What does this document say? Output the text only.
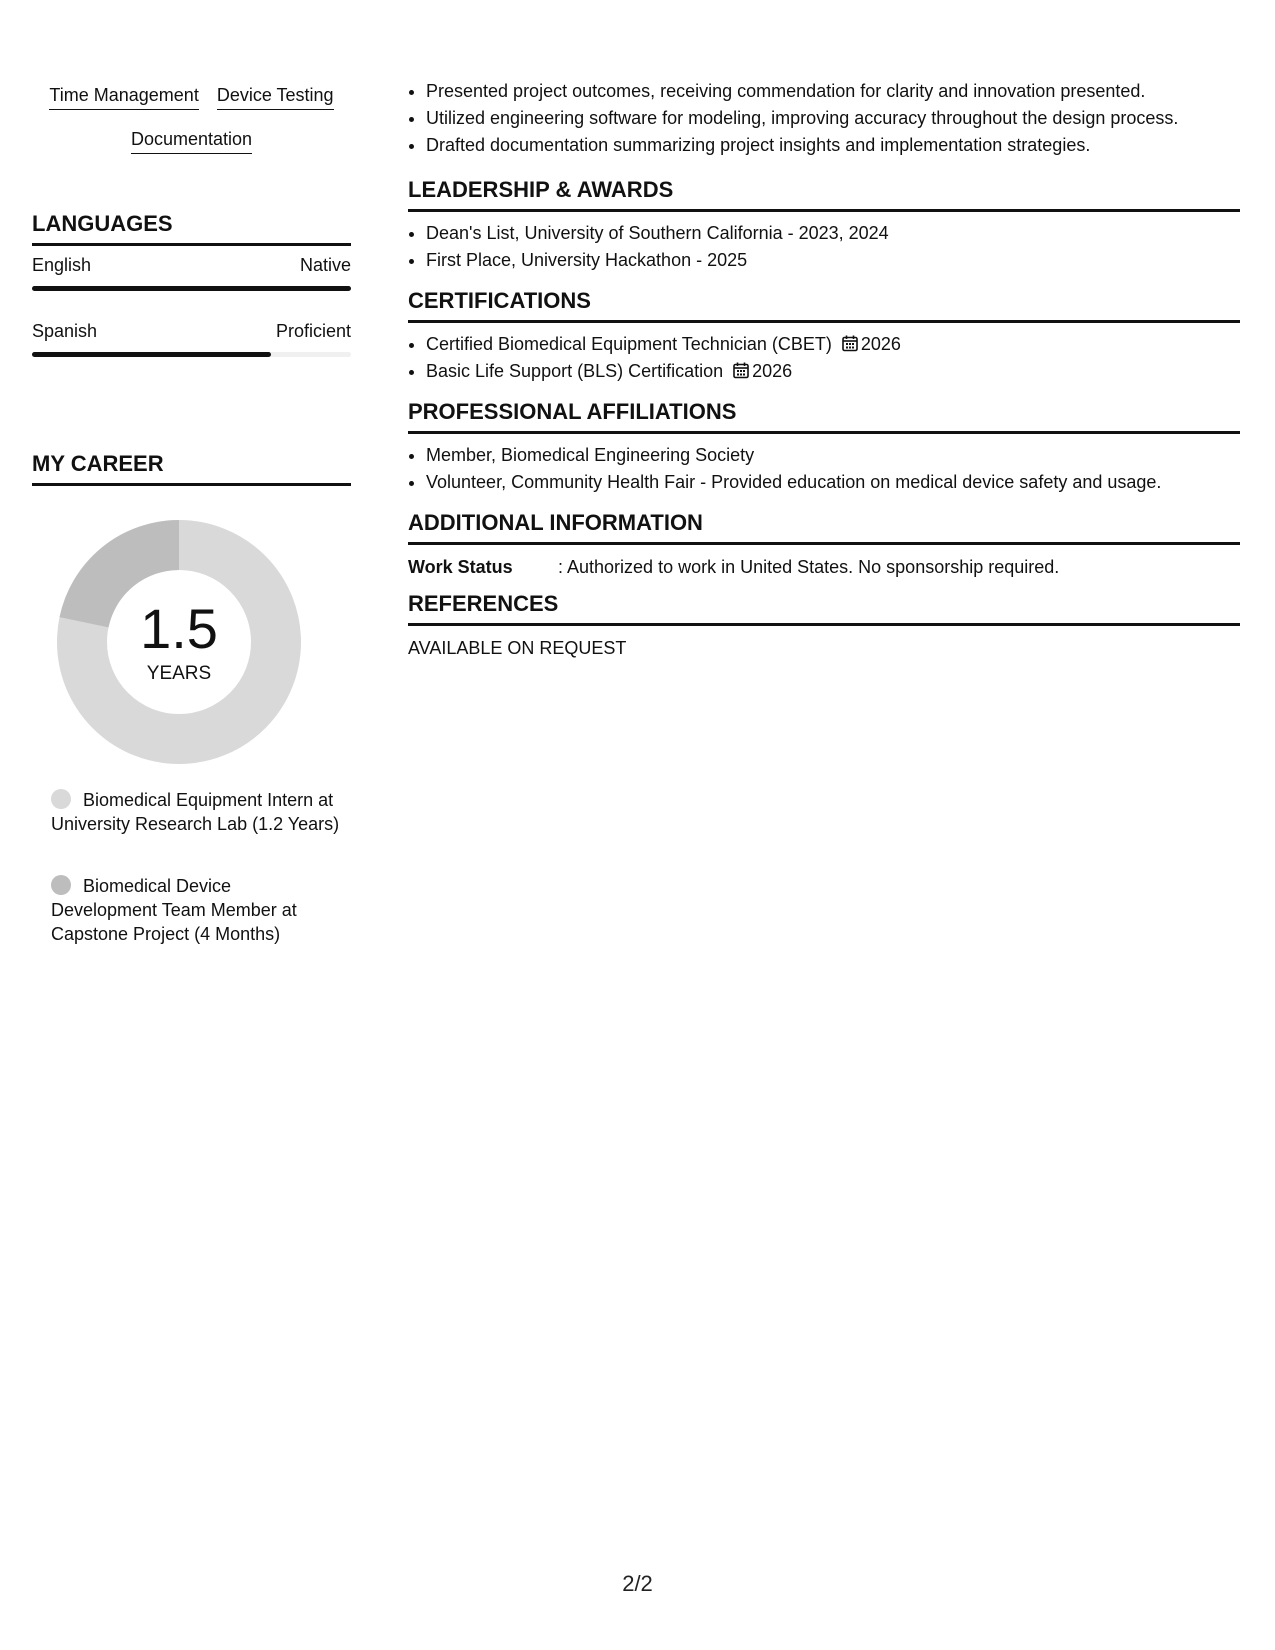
Time Management Device Testing
Documentation
LANGUAGES
English	Native
Spanish	Proficient
MY CAREER
1.5
YEARS
Biomedical Equipment Intern at University Research Lab (1.2 Years)
Biomedical Device Development Team Member at Capstone Project (4 Months)
• Presented project outcomes, receiving commendation for clarity and innovation presented.
• Utilized engineering software for modeling, improving accuracy throughout the design process.
• Drafted documentation summarizing project insights and implementation strategies.
LEADERSHIP & AWARDS
• Dean's List, University of Southern California - 2023, 2024
• First Place, University Hackathon - 2025
CERTIFICATIONS
• Certified Biomedical Equipment Technician (CBET) 2026
• Basic Life Support (BLS) Certification 2026
PROFESSIONAL AFFILIATIONS
• Member, Biomedical Engineering Society
• Volunteer, Community Health Fair - Provided education on medical device safety and usage.
ADDITIONAL INFORMATION
Work Status	: Authorized to work in United States. No sponsorship required.
REFERENCES
AVAILABLE ON REQUEST
2/2
